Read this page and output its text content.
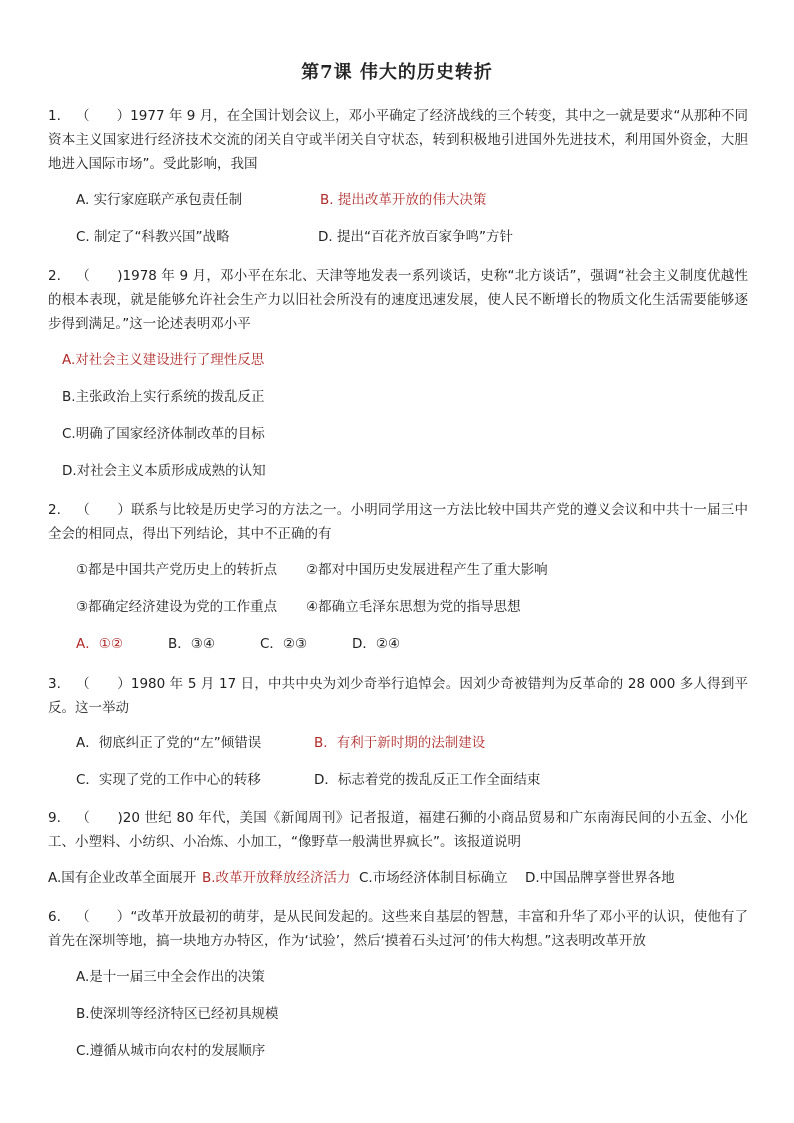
第7课 伟大的历史转折
1. （　　）1977 年 9 月，在全国计划会议上，邓小平确定了经济战线的三个转变，其中之一就是要求“从那种不同资本主义国家进行经济技术交流的闭关自守或半闭关自守状态，转到积极地引进国外先进技术，利用国外资金，大胆地进入国际市场”。受此影响，我国
A. 实行家庭联产承包责任制	B. 提出改革开放的伟大决策
C. 制定了“科教兴国”战略	D. 提出“百花齐放百家争鸣”方针
2. （　　)1978 年 9 月，邓小平在东北、天津等地发表一系列谈话，史称“北方谈话”，强调“社会主义制度优越性的根本表现，就是能够允许社会生产力以旧社会所没有的速度迅速发展，使人民不断增长的物质文化生活需要能够逐步得到满足。”这一论述表明邓小平
A.对社会主义建设进行了理性反思
B.主张政治上实行系统的拨乱反正
C.明确了国家经济体制改革的目标
D.对社会主义本质形成成熟的认知
2. （　　）联系与比较是历史学习的方法之一。小明同学用这一方法比较中国共产党的遵义会议和中共十一届三中全会的相同点，得出下列结论，其中不正确的有
①都是中国共产党历史上的转折点 ②都对中国历史发展进程产生了重大影响
③都确定经济建设为党的工作重点 ④都确立毛泽东思想为党的指导思想
A．①②	B．③④	C．②③	D．②④
3. （　　）1980 年 5 月 17 日，中共中央为刘少奇举行追悼会。因刘少奇被错判为反革命的 28 000 多人得到平反。这一举动
A．彻底纠正了党的“左”倾错误	B．有利于新时期的法制建设
C．实现了党的工作中心的转移	D．标志着党的拨乱反正工作全面结束
9. （　　)20 世纪 80 年代，美国《新闻周刊》记者报道，福建石狮的小商品贸易和广东南海民间的小五金、小化工、小塑料、小纺织、小冶炼、小加工，“像野草一般满世界疯长”。该报道说明
A.国有企业改革全面展开 B.改革开放释放经济活力 C.市场经济体制目标确立 D.中国品牌享誉世界各地
6. （　　）“改革开放最初的萌芽，是从民间发起的。这些来自基层的智慧，丰富和升华了邓小平的认识，使他有了首先在深圳等地，搞一块地方办特区，作为‘试验’，然后‘摸着石头过河’的伟大构想。”这表明改革开放
A.是十一届三中全会作出的决策
B.使深圳等经济特区已经初具规模
C.遵循从城市向农村的发展顺序
